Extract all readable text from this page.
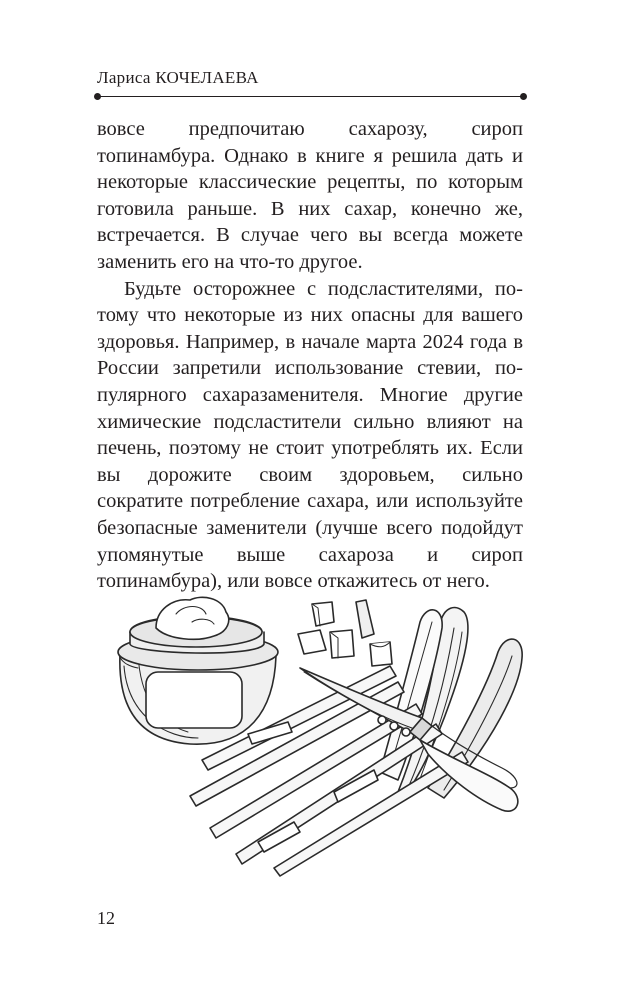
Лариса КОЧЕЛАЕВА

вовсе предпочитаю сахарозу, сироп топинамбура. Однако в книге я решила дать и некоторые классические рецепты, по которым готовила раньше. В них сахар, конечно же, встречается. В случае чего вы всегда можете заменить его на что-то другое.

Будьте осторожнее с подсластителями, потому что некоторые из них опасны для вашего здоровья. Например, в начале марта 2024 года в России запретили использование стевии, популярного сахаразаменителя. Многие другие химические подсластители сильно влияют на печень, поэтому не стоит употреблять их. Если вы дорожите своим здоровьем, сильно сократите потребление сахара, или используйте безопасные заменители (лучше всего подойдут упомянутые выше сахароза и сироп топинамбура), или вовсе откажитесь от него.

12
